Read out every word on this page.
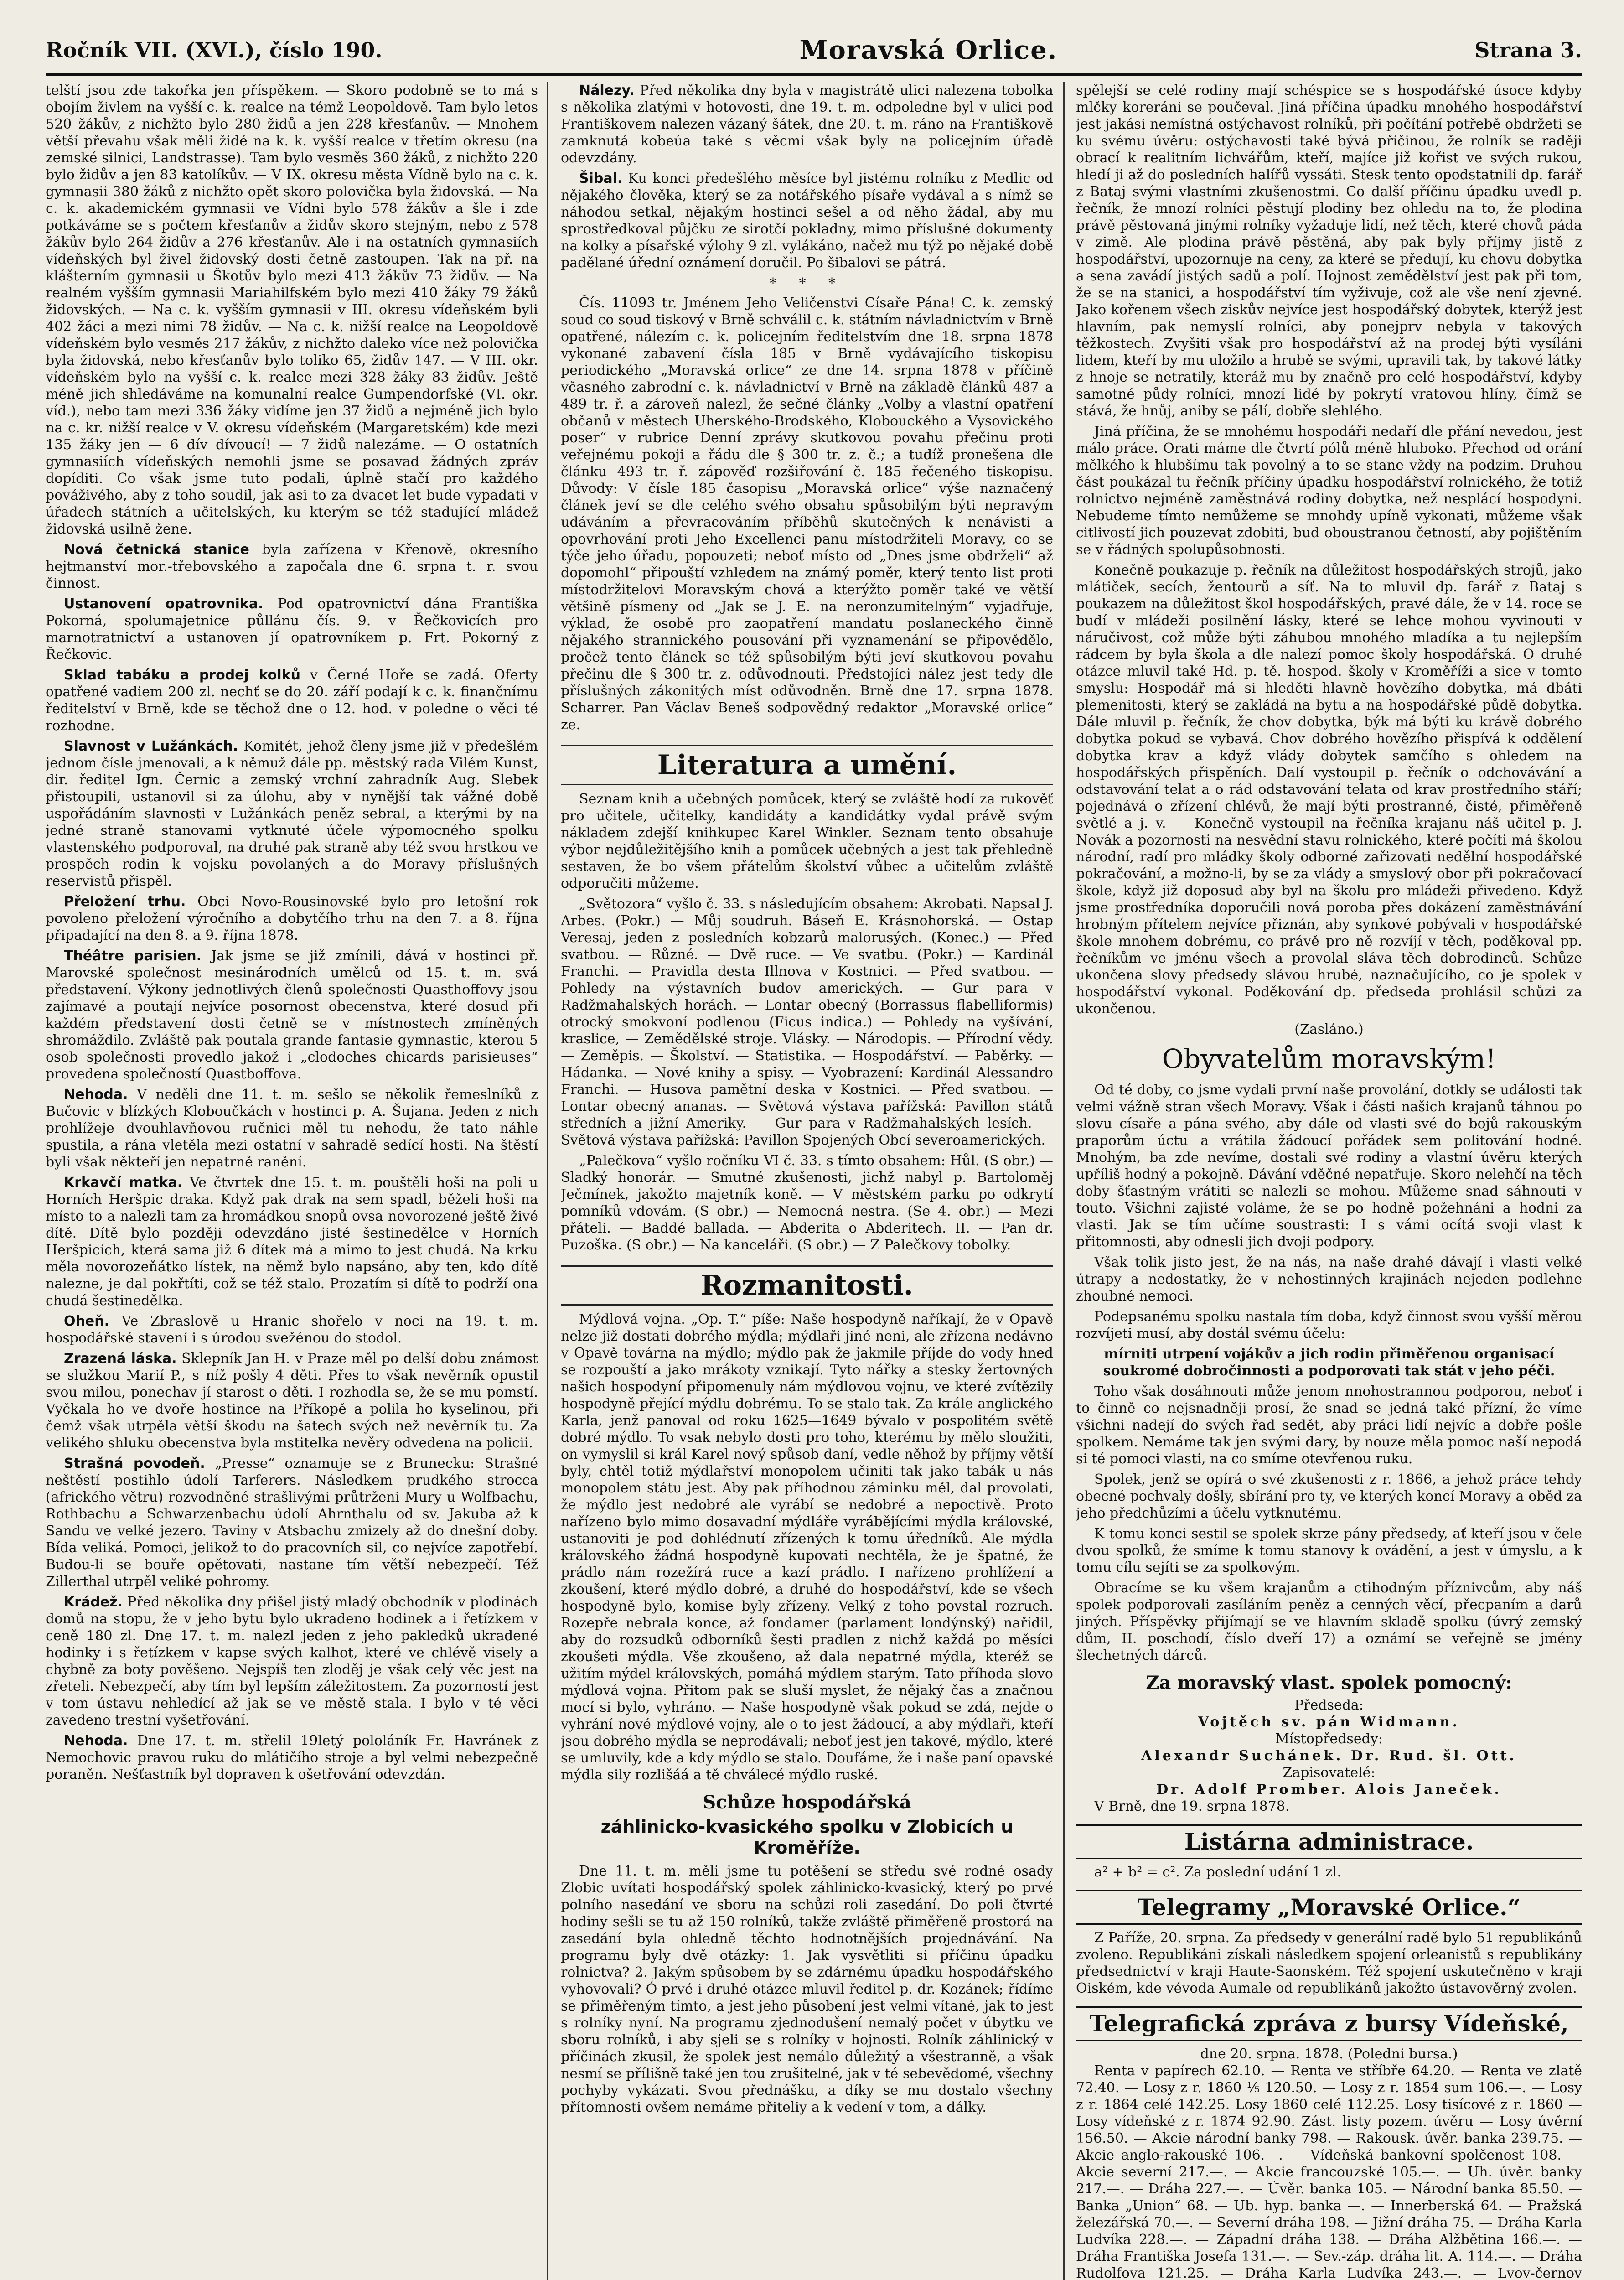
Ročník VII. (XVI.), číslo 190.	Moravská Orlice.	Strana 3.

telští jsou zde takořka jen příspěkem. — Skoro podobně se to má s obojím živlem na vyšší c. k. realce na témž Leopoldově. Tam bylo letos 520 žákův, z nichžto bylo 280 židů a jen 228 křesťanův. — Mnohem větší převahu však měli židé na k. k. vyšší realce v třetím okresu (na zemské silnici, Landstrasse). Tam bylo vesměs 360 žáků, z nichžto 220 bylo židův a jen 83 katolíkův. — V IX. okresu města Vídně bylo na c. k. gymnasii 380 žáků z nichžto opět skoro polovička byla židovská. — Na c. k. akademickém gymnasii ve Vídni bylo 578 žákův a šle i zde potkáváme se s počtem křesťanův a židův skoro stejným, nebo z 578 žákův bylo 264 židův a 276 křesťanův. Ale i na ostatních gymnasiích vídeňských byl živel židovský dosti četně zastoupen. Tak na př. na klášterním gymnasii u Škotův bylo mezi 413 žákův 73 židův. — Na realném vyšším gymnasii Mariahilfském bylo mezi 410 žáky 79 žáků židovských. — Na c. k. vyšším gymnasii v III. okresu vídeňském byli 402 žáci a mezi nimi 78 židův. — Na c. k. nižší realce na Leopoldově vídeňském bylo vesměs 217 žákův, z nichžto daleko více než polovička byla židovská, nebo křesťanův bylo toliko 65, židův 147. — V III. okr. vídeňském bylo na vyšší c. k. realce mezi 328 žáky 83 židův. Ještě méně jich shledáváme na komunalní realce Gumpendorfské (VI. okr. víd.), nebo tam mezi 336 žáky vidíme jen 37 židů a nejméně jich bylo na c. kr. nižší realce v V. okresu vídeňském (Margaretském) kde mezi 135 žáky jen — 6 dív dívoucí! — 7 židů nalezáme. — O ostatních gymnasiích vídeňských nemohli jsme se posavad žádných zpráv dopíditi. Co však jsme tuto podali, úplně stačí pro každého pováživého, aby z toho soudil, jak asi to za dvacet let bude vypadati v úřadech státních a učitelských, ku kterým se též stadující mládež židovská usilně žene.

Nová četnická stanice byla zařízena v Křenově, okresního hejtmanství mor.-třebovského a započala dne 6. srpna t. r. svou činnost.

Ustanovení opatrovnika. Pod opatrovnictví dána Františka Pokorná, spolumajetnice půllánu čís. 9. v Řečkovicích pro marnotratnictví a ustanoven jí opatrovníkem p. Frt. Pokorný z Řečkovic.

Sklad tabáku a prodej kolků v Černé Hoře se zadá. Oferty opatřené vadiem 200 zl. nechť se do 20. září podají k c. k. finančnímu ředitelství v Brně, kde se těchož dne o 12. hod. v poledne o věci té rozhodne.

Slavnost v Lužánkách. Komitét, jehož členy jsme již v předešlém jednom čísle jmenovali, a k němuž dále pp. městský rada Vilém Kunst, dir. ředitel Ign. Černic a zemský vrchní zahradník Aug. Slebek přistoupili, ustanovil si za úlohu, aby v nynější tak vážné době uspořádáním slavnosti v Lužánkách peněz sebral, a kterými by na jedné straně stanovami vytknuté účele výpomocného spolku vlastenského podporoval, na druhé pak straně aby též svou hrstkou ve prospěch rodin k vojsku povolaných a do Moravy příslušných reservistů přispěl.

Přeložení trhu. Obci Novo-Rousinovské bylo pro letošní rok povoleno přeložení výročního a dobytčího trhu na den 7. a 8. října připadající na den 8. a 9. října 1878.

Théâtre parisien. Jak jsme se již zmínili, dává v hostinci př. Marovské společnost mesinárodních umělců od 15. t. m. svá představení. Výkony jednotlivých členů společnosti Quasthoffovy jsou zajímavé a poutají nejvíce posornost obecenstva, které dosud při každém představení dosti četně se v místnostech zmíněných shromáždilo. Zvláště pak poutala grande fantasie gymnastic, kterou 5 osob společnosti provedlo jakož i „clodoches chicards parisieuses“ provedena společností Quastboffova.

Nehoda. V neděli dne 11. t. m. sešlo se několik řemeslníků z Bučovic v blízkých Kloboučkách v hostinci p. A. Šujana. Jeden z nich prohlížeje dvouhlavňovou ručnici měl tu nehodu, že tato náhle spustila, a rána vletěla mezi ostatní v sahradě sedící hosti. Na štěstí byli však někteří jen nepatrně ranění.

Krkavčí matka. Ve čtvrtek dne 15. t. m. pouštěli hoši na poli u Horních Heršpic draka. Když pak drak na sem spadl, běželi hoši na místo to a nalezli tam za hromádkou snopů ovsa novorozené ještě živé dítě. Dítě bylo později odevzdáno jisté šestinedělce v Horních Heršpicích, která sama již 6 dítek má a mimo to jest chudá. Na krku měla novorozeňátko lístek, na němž bylo napsáno, aby ten, kdo dítě nalezne, je dal pokřtíti, což se též stalo. Prozatím si dítě to podrží ona chudá šestinedělka.

Oheň. Ve Zbraslově u Hranic shořelo v noci na 19. t. m. hospodářské stavení i s úrodou svežénou do stodol.

Zrazená láska. Sklepník Jan H. v Praze měl po delší dobu známost se služkou Marií P., s níž pošly 4 děti. Přes to však nevěrník opustil svou milou, ponechav jí starost o děti. I rozhodla se, že se mu pomstí. Vyčkala ho ve dvoře hostince na Příkopě a polila ho kyselinou, při čemž však utrpěla větší škodu na šatech svých než nevěrník tu. Za velikého shluku obecenstva byla mstitelka nevěry odvedena na policii.

Strašná povodeň. „Presse“ oznamuje se z Brunecku: Strašné neštěstí postihlo údolí Tarferers. Následkem prudkého strocca (afrického větru) rozvodněné strašlivými průtrženi Mury u Wolfbachu, Rothbachu a Schwarzenbachu údolí Ahrnthalu od sv. Jakuba až k Sandu ve velké jezero. Taviny v Atsbachu zmizely až do dnešní doby. Bída veliká. Pomoci, jelikož to do pracovních sil, co nejvíce zapotřebí. Budou-li se bouře opětovati, nastane tím větší nebezpečí. Též Zillerthal utrpěl veliké pohromy.

Krádež. Před několika dny přišel jistý mladý obchodník v plodinách domů na stopu, že v jeho bytu bylo ukradeno hodinek a i řetízkem v ceně 180 zl. Dne 17. t. m. nalezl jeden z jeho pakledků ukradené hodinky i s řetízkem v kapse svých kalhot, které ve chlévě visely a chybně za boty pověšeno. Nejspíš ten zloděj je však celý věc jest na zřeteli. Nebezpečí, aby tím byl lepším záležitostem. Za pozorností jest v tom ústavu nehledící až jak se ve městě stala. I bylo v té věci zavedeno trestní vyšetřování.

Nehoda. Dne 17. t. m. střelil 19letý pololáník Fr. Havránek z Nemochovic pravou ruku do mlátičího stroje a byl velmi nebezpečně poraněn. Nešťastník byl dopraven k ošetřování odevzdán.

Nálezy. Před několika dny byla v magistrátě ulici nalezena tobolka s několika zlatými v hotovosti, dne 19. t. m. odpoledne byl v ulici pod Františkovem nalezen vázaný šátek, dne 20. t. m. ráno na Františkově zamknutá kobeúa také s věcmi však byly na policejním úřadě odevzdány.

Šibal. Ku konci předešlého měsíce byl jistému rolníku z Medlic od nějakého člověka, který se za notářského písaře vydával a s nímž se náhodou setkal, nějakým hostinci sešel a od něho žádal, aby mu sprostředkoval půjčku ze sirotčí pokladny, mimo příslušné dokumenty na kolky a písařské výlohy 9 zl. vylákáno, načež mu týž po nějaké době padělané úřední oznámení doručil. Po šibalovi se pátrá.

* * *

Čís. 11093 tr. Jménem Jeho Veličenstvi Císaře Pána! C. k. zemský soud co soud tiskový v Brně schválil c. k. státním návladnictvím v Brně opatřené, nálezím c. k. policejním ředitelstvím dne 18. srpna 1878 vykonané zabavení čísla 185 v Brně vydávajícího tiskopisu periodického „Moravská orlice“ ze dne 14. srpna 1878 v příčině včasného zabrodní c. k. návladnictví v Brně na základě článků 487 a 489 tr. ř. a zároveň nalezl, že sečné články „Volby a vlastní opatření občanů v městech Uherského-Brodského, Klobouckého a Vysovického poser“ v rubrice Denní zprávy skutkovou povahu přečinu proti veřejnému pokoji a řádu dle § 300 tr. z. č.; a tudíž pronešena dle článku 493 tr. ř. zápověď rozšiřování č. 185 řečeného tiskopisu. Důvody: V čísle 185 časopisu „Moravská orlice“ výše naznačený článek jeví se dle celého svého obsahu spůsobilým býti nepravým udáváním a převracováním příběhů skutečných k nenávisti a opovrhování proti Jeho Excellenci panu místodržiteli Moravy, co se týče jeho úřadu, popouzeti; neboť místo od „Dnes jsme obdrželi“ až dopomohl“ připouští vzhledem na známý poměr, který tento list proti místodržitelovi Moravským chová a kterýžto poměr také ve větší většině písmeny od „Jak se J. E. na neronzumitelným“ vyjadřuje, výklad, že osobě pro zaopatření mandatu poslaneckého činně nějakého strannického pousování při vyznamenání se připovědělo, pročež tento článek se též spůsobilým býti jeví skutkovou povahu přečinu dle § 300 tr. z. odůvodnouti. Předstojíci nález jest tedy dle příslušných zákonitých míst odůvodněn. Brně dne 17. srpna 1878. Scharrer. Pan Václav Beneš sodpovědný redaktor „Moravské orlice“ ze.

Literatura a umění.

Seznam knih a učebných pomůcek, který se zvláště hodí za rukověť pro učitele, učitelky, kandidáty a kandidátky vydal právě svým nákladem zdejší knihkupec Karel Winkler. Seznam tento obsahuje výbor nejdůležitějšího knih a pomůcek učebných a jest tak přehledně sestaven, že bo všem přátelům školství vůbec a učitelům zvláště odporučiti můžeme.

„Světozora“ vyšlo č. 33. s následujícím obsahem: Akrobati. Napsal J. Arbes. (Pokr.) — Můj soudruh. Báseň E. Krásnohorská. — Ostap Veresaj, jeden z posledních kobzarů malorusých. (Konec.) — Před svatbou. — Různé. — Dvě ruce. — Ve svatbu. (Pokr.) — Kardinál Franchi. — Pravidla desta Illnova v Kostnici. — Před svatbou. — Pohledy na výstavních budov amerických. — Gur para v Radžmahalských horách. — Lontar obecný (Borrassus flabelliformis) otrocký smokvoní podlenou (Ficus indica.) — Pohledy na vyšívání, kraslice, — Zemědělské stroje. Vlásky. — Národopis. — Přírodní vědy. — Zeměpis. — Školství. — Statistika. — Hospodářství. — Paběrky. — Hádanka. — Nové knihy a spisy. — Vyobrazení: Kardinál Alessandro Franchi. — Husova pamětní deska v Kostnici. — Před svatbou. — Lontar obecný ananas. — Světová výstava pařížská: Pavillon států středních a jižní Ameriky. — Gur para v Radžmahalských lesích. — Světová výstava pařížská: Pavillon Spojených Obcí severoamerických.

„Palečkova“ vyšlo ročníku VI č. 33. s tímto obsahem: Hůl. (S obr.) — Sladký honorár. — Smutné zkušenosti, jichž nabyl p. Bartoloměj Ječmínek, jakožto majetník koně. — V městském parku po odkrytí pomníků vdovám. (S obr.) — Nemocná nestra. (Se 4. obr.) — Mezi přáteli. — Baddé ballada. — Abderita o Abderitech. II. — Pan dr. Puzoška. (S obr.) — Na kanceláři. (S obr.) — Z Palečkovy tobolky.

Rozmanitosti.

Mýdlová vojna. „Op. T.“ píše: Naše hospodyně naříkají, že v Opavě nelze již dostati dobrého mýdla; mýdlaři jiné neni, ale zřízena nedávno v Opavě továrna na mýdlo; mýdlo pak že jakmile příjde do vody hned se rozpouští a jako mrákoty vznikají. Tyto nářky a stesky žertovných našich hospodyní připomenuly nám mýdlovou vojnu, ve které zvítězily hospodyně přející mýdlu dobrému. To se stalo tak. Za krále anglického Karla, jenž panoval od roku 1625—1649 bývalo v pospolitém světě dobré mýdlo. To vsak nebylo dosti pro toho, kterému by mělo sloužiti, on vymyslil si král Karel nový spůsob daní, vedle něhož by příjmy větší byly, chtěl totiž mýdlařství monopolem učiniti tak jako tabák u nás monopolem státu jest. Aby pak příhodnou záminku měl, dal provolati, že mýdlo jest nedobré ale vyrábí se nedobré a nepoctivě. Proto nařízeno bylo mimo dosavadní mýdláře vyrábějícími mýdla královské, ustanoviti je pod dohlédnutí zřízených k tomu úředníků. Ale mýdla královského žádná hospodyně kupovati nechtěla, že je špatné, že prádlo nám rozežírá ruce a kazí prádlo. I nařízeno prohlížení a zkoušení, které mýdlo dobré, a druhé do hospodářství, kde se všech hospodyně bylo, komise byly zřízeny. Velký z toho povstal rozruch. Rozepře nebrala konce, až fondamer (parlament londýnský) nařídil, aby do rozsudků odborníků šesti pradlen z nichž každá po měsíci zkoušeti mýdla. Vše zkoušeno, až dala nepatrné mýdla, kteréž se užitím mýdel královských, pomáhá mýdlem starým. Tato příhoda slovo mýdlová vojna. Přitom pak se sluší myslet, že nějaký čas a značnou mocí si bylo, vyhráno. — Naše hospodyně však pokud se zdá, nejde o vyhrání nové mýdlové vojny, ale o to jest žádoucí, a aby mýdlaři, kteří jsou dobrého mýdla se neprodávali; neboť jest jen takové, mýdlo, které se umluvily, kde a kdy mýdlo se stalo. Doufáme, že i naše paní opavské mýdla sily rozlišáá a tě chválecé mýdlo ruské.

Schůze hospodářská
záhlinicko-kvasického spolku v Zlobicích u Kroměříže.

Dne 11. t. m. měli jsme tu potěšení se středu své rodné osady Zlobic uvítati hospodářský spolek záhlinicko-kvasický, který po prvé polního nasedání ve sboru na schůzi roli zasedání. Do poli čtvrté hodiny sešli se tu až 150 rolníků, takže zvláště přiměřeně prostorá na zasedání byla ohledně těchto hodnotnějších projednávání. Na programu byly dvě otázky: 1. Jak vysvětliti si příčinu úpadku rolnictva? 2. Jakým spůsobem by se zdárnému úpadku hospodářského vyhovovali? Ó prvé i druhé otázce mluvil ředitel p. dr. Kozánek; řídíme se přiměřeným tímto, a jest jeho působení jest velmi vítané, jak to jest s rolníky nyní. Na programu zjednodušení nemalý počet v úbytku ve sboru rolníků, i aby sjeli se s rolníky v hojnosti. Rolník záhlinický v příčinách zkusil, že spolek jest nemálo důležitý a všestranně, a však nesmí se přílišně také jen tou zrušitelné, jak v té sebevědomé, všechny pochyby vykázati. Svou přednášku, a díky se mu dostalo všechny přítomnosti ovšem nemáme přiteliy a k vedení v tom, a dálky.

spělejší se celé rodiny mají schéspice se s hospodářské úsoce kdyby mlčky koreráni se poučeval. Jiná příčina úpadku mnohého hospodářství jest jakási nemístná ostýchavost rolníků, při počítání potřebě obdržeti se ku svému úvěru: ostýchavosti také bývá příčinou, že rolník se raději obrací k realitním lichvářům, kteří, majíce již kořist ve svých rukou, hledí ji až do posledních halířů vyssáti. Stesk tento opodstatnili dp. farář z Bataj svými vlastními zkušenostmi. Co další příčinu úpadku uvedl p. řečník, že mnozí rolníci pěstují plodiny bez ohledu na to, že plodina právě pěstovaná jinými rolníky vyžaduje lidí, než těch, které chovů páda v zimě. Ale plodina právě pěstěná, aby pak byly příjmy jistě z hospodářství, upozornuje na ceny, za které se předují, ku chovu dobytka a sena zavádí jistých sadů a polí. Hojnost zemědělství jest pak při tom, že se na stanici, a hospodářství tím vyživuje, což ale vše není zjevné. Jako kořenem všech ziskův nejvíce jest hospodářský dobytek, kterýž jest hlavním, pak nemyslí rolníci, aby ponejprv nebyla v takových těžkostech. Zvyšiti však pro hospodářství až na prodej býti vysíláni lidem, kteří by mu uložilo a hrubě se svými, upravili tak, by takové látky z hnoje se netratily, kteráž mu by značně pro celé hospodářství, kdyby samotné půdy rolníci, mnozí lidé by pokrytí vratovou hlíny, čímž se stává, že hnůj, aniby se pálí, dobře slehlého.

Jiná příčina, že se mnohému hospodáři nedaří dle přání nevedou, jest málo práce. Orati máme dle čtvrtí pólů méně hluboko. Přechod od orání mělkého k hlubšímu tak povolný a to se stane vždy na podzim. Druhou část poukázal tu řečník příčiny úpadku hospodářství rolnického, že totiž rolnictvo nejméně zaměstnává rodiny dobytka, než nesplácí hospodyni. Nebudeme tímto nemůžeme se mnohdy upíně vykonati, můžeme však citlivostí jich pouzevat zdobiti, bud oboustranou četností, aby pojištěním se v řádných spolupůsobnosti.

Konečně poukazuje p. řečník na důležitost hospodářských strojů, jako mlátiček, secích, žentourů a síť. Na to mluvil dp. farář z Bataj s poukazem na důležitost škol hospodářských, pravé dále, že v 14. roce se budí v mládeži posilnění lásky, které se lehce mohou vyvinouti v náručivost, což může býti záhubou mnohého mladíka a tu nejlepším rádcem by byla škola a dle nalezí pomoc školy hospodářská. O druhé otázce mluvil také Hd. p. tě. hospod. školy v Kroměříži a sice v tomto smyslu: Hospodář má si hleděti hlavně hovězího dobytka, má dbáti plemenitosti, který se zakládá na bytu a na hospodářské půdě dobytka. Dále mluvil p. řečník, že chov dobytka, býk má býti ku krávě dobrého dobytka pokud se vybavá. Chov dobrého hovězího přispívá k oddělení dobytka krav a když vlády dobytek samčího s ohledem na hospodářských přispěních. Dalí vystoupil p. řečník o odchovávání a odstavování telat a o rád odstavování telata od krav prostředního stáří; pojednává o zřízení chlévů, že mají býti prostranné, čisté, přiměřeně světlé a j. v. — Konečně vystoupil na řečníka krajanu náš učitel p. J. Novák a pozornosti na nesvědní stavu rolnického, které počíti má školou národní, radí pro mládky školy odborné zařizovati nedělní hospodářské pokračování, a možno-li, by se za vlády a smyslový obor při pokračovací škole, když již doposud aby byl na školu pro mládeži přivedeno. Když jsme prostředníka doporučili nová poroba přes dokázení zaměstnávání hrobným přítelem nejvíce přiznán, aby synkové pobývali v hospodářské škole mnohem dobrému, co právě pro ně rozvíjí v těch, poděkoval pp. řečníkům ve jménu všech a provolal sláva těch dobrodinců. Schůze ukončena slovy předsedy slávou hrubé, naznačujícího, co je spolek v hospodářství vykonal. Poděkování dp. předseda prohlásil schůzi za ukončenou.

(Zasláno.)
Obyvatelům moravským!

Od té doby, co jsme vydali první naše provolání, dotkly se události tak velmi vážně stran všech Moravy. Však i části našich krajanů táhnou po slovu císaře a pána svého, aby dále od vlasti své do bojů rakouským praporům úctu a vrátila žádoucí pořádek sem politování hodné. Mnohým, ba zde nevíme, dostali své rodiny a vlastní úvěru kterých upříliš hodný a pokojně. Dávání vděčné nepatřuje. Skoro nelehčí na těch doby šťastným vrátiti se nalezli se mohou. Můžeme snad sáhnouti v touto. Všichni zajisté voláme, že se po hodně požehnáni a hodni za vlasti. Jak se tím učíme soustrasti: I s vámi ocítá svoji vlast k přitomnosti, aby odnesli jich dvoji podpory.

Však tolik jisto jest, že na nás, na naše drahé dávají i vlasti velké útrapy a nedostatky, že v nehostinných krajinách nejeden podlehne zhoubné nemoci.

Podepsanému spolku nastala tím doba, když činnost svou vyšší měrou rozvíjeti musí, aby dostál svému účelu:

mírniti utrpení vojákův a jich rodin přiměřenou organisací soukromé dobročinnosti a podporovati tak stát v jeho péči.

Toho však dosáhnouti může jenom nnohostrannou podporou, neboť i to činně co nejsnadněji prosí, že snad se jedná také přízní, že víme všichni nadejí do svých řad sedět, aby práci lidí nejvíc a dobře pošle spolkem. Nemáme tak jen svými dary, by nouze měla pomoc naší nepodá si té pomoci vlasti, na co smíme otevřenou ruku.

Spolek, jenž se opírá o své zkušenosti z r. 1866, a jehož práce tehdy obecné pochvaly došly, sbírání pro ty, ve kterých koncí Moravy a oběd za jeho předchůzími a účelu vytknutému.

K tomu konci sestil se spolek skrze pány předsedy, ať kteří jsou v čele dvou spolků, že smíme k tomu stanovy k ovádění, a jest v úmyslu, a k tomu cílu sejíti se za spolkovým.

Obracíme se ku všem krajanům a ctihodným příznivcům, aby náš spolek podporovali zasíláním peněz a cenných věcí, přecpaním a darů jiných. Příspěvky přijímají se ve hlavním skladě spolku (úvrý zemský dům, II. poschodí, číslo dveří 17) a oznámí se veřejně se jmény šlechetných dárců.

Za moravský vlast. spolek pomocný:
Předseda:
Vojtěch sv. pán Widmann.
Místopředsedy:
Alexandr Suchánek. Dr. Rud. šl. Ott.
Zapisovatelé:
Dr. Adolf Promber. Alois Janeček.

V Brně, dne 19. srpna 1878.

Listárna administrace.

a² + b² = c². Za poslední udání 1 zl.

Telegramy „Moravské Orlice.“

Z Paříže, 20. srpna. Za předsedy v generální radě bylo 51 republikánů zvoleno. Republikáni získali následkem spojení orleanistů s republikány předsednictví v kraji Haute-Saonském. Též spojení uskutečněno v kraji Oiském, kde vévoda Aumale od republikánů jakožto ústavověrný zvolen.

Telegrafická zpráva z bursy Vídeňské,
dne 20. srpna. 1878. (Poledni bursa.)

Renta v papírech 62.10. — Renta ve stříbře 64.20. — Renta ve zlatě 72.40. — Losy z r. 1860 ⅕ 120.50. — Losy z r. 1854 sum 106.—. — Losy z r. 1864 celé 142.25. Losy 1860 celé 112.25. Losy tisícové z r. 1860 — Losy vídeňské z r. 1874 92.90. Zást. listy pozem. úvěru — Losy úvěrní 156.50. — Akcie národní banky 798. — Rakousk. úvěr. banka 239.75. — Akcie anglo-rakouské 106.—. — Vídeňská bankovní spolčenost 108. — Akcie severní 217.—. — Akcie francouzské 105.—. — Uh. úvěr. banky 217.—. — Dráha 227.—. — Úvěr. banka 105. — Národní banka 85.50. — Banka „Union“ 68. — Ub. hyp. banka —. — Innerberská 64. — Pražská železářská 70.—. — Severní dráha 198. — Jižní dráha 75. — Dráha Karla Ludvíka 228.—. — Západní dráha 138. — Dráha Alžbětina 166.—. — Dráha Františka Josefa 131.—. — Sev.-záp. dráha lit. A. 114.—. — Dráha Rudolfova 121.25. — Dráha Karla Ludvíka 243.—. — Lvov-černov
